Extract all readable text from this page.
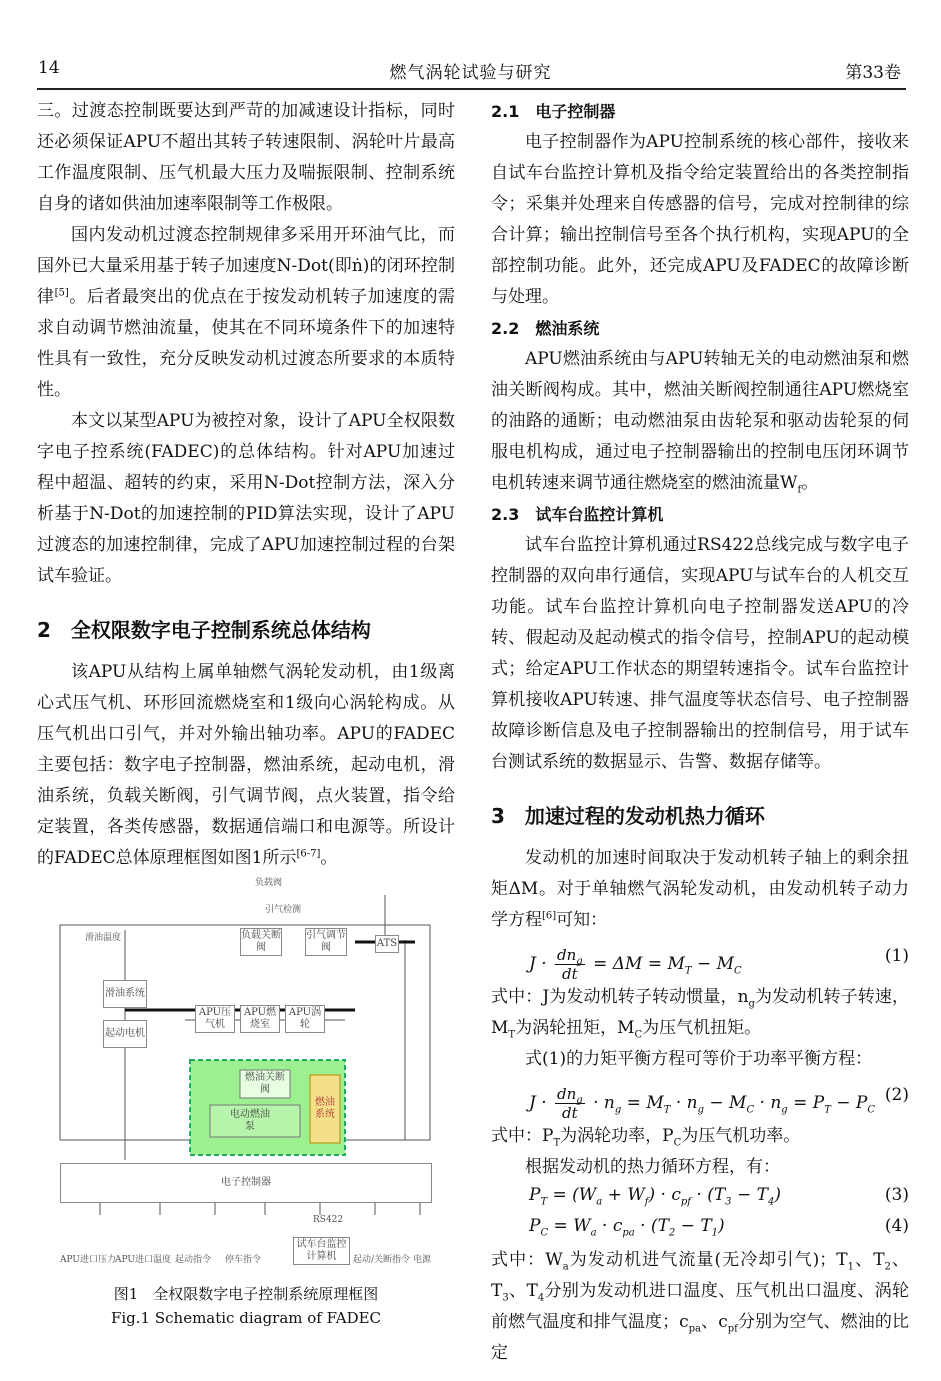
14	燃气涡轮试验与研究	第33卷

三。过渡态控制既要达到严苛的加减速设计指标，同时还必须保证APU不超出其转子转速限制、涡轮叶片最高工作温度限制、压气机最大压力及喘振限制、控制系统自身的诸如供油加速率限制等工作极限。

国内发动机过渡态控制规律多采用开环油气比，而国外已大量采用基于转子加速度N-Dot(即ṅ)的闭环控制律[5]。后者最突出的优点在于按发动机转子加速度的需求自动调节燃油流量，使其在不同环境条件下的加速特性具有一致性，充分反映发动机过渡态所要求的本质特性。

本文以某型APU为被控对象，设计了APU全权限数字电子控系统(FADEC)的总体结构。针对APU加速过程中超温、超转的约束，采用N-Dot控制方法，深入分析基于N-Dot的加速控制的PID算法实现，设计了APU过渡态的加速控制律，完成了APU加速控制过程的台架试车验证。

2　全权限数字电子控制系统总体结构

该APU从结构上属单轴燃气涡轮发动机，由1级离心式压气机、环形回流燃烧室和1级向心涡轮构成。从压气机出口引气，并对外输出轴功率。APU的FADEC主要包括：数字电子控制器，燃油系统，起动电机，滑油系统，负载关断阀，引气调节阀，点火装置，指令给定装置，各类传感器，数据通信端口和电源等。所设计的FADEC总体原理框图如图1所示[6-7]。

负载阀
引气检测
滑油温度
滑油系统
起动电机
APU压气机
APU燃烧室
APU涡轮
负载关断阀
引气调节阀	ATS
燃油关断阀
电动燃油泵
燃油系统
电子控制器
RS422
APU进口压力 APU进口温度 起动指令 停车指令
试车台监控计算机	起动/关断指令 电源
图1　全权限数字电子控制系统原理框图
Fig.1 Schematic diagram of FADEC
2.1　电子控制器

电子控制器作为APU控制系统的核心部件，接收来自试车台监控计算机及指令给定装置给出的各类控制指令；采集并处理来自传感器的信号，完成对控制律的综合计算；输出控制信号至各个执行机构，实现APU的全部控制功能。此外，还完成APU及FADEC的故障诊断与处理。

2.2　燃油系统

APU燃油系统由与APU转轴无关的电动燃油泵和燃油关断阀构成。其中，燃油关断阀控制通往APU燃烧室的油路的通断；电动燃油泵由齿轮泵和驱动齿轮泵的伺服电机构成，通过电子控制器输出的控制电压闭环调节电机转速来调节通往燃烧室的燃油流量$W_f$。

2.3　试车台监控计算机

试车台监控计算机通过RS422总线完成与数字电子控制器的双向串行通信，实现APU与试车台的人机交互功能。试车台监控计算机向电子控制器发送APU的冷转、假起动及起动模式的指令信号，控制APU的起动模式；给定APU工作状态的期望转速指令。试车台监控计算机接收APU转速、排气温度等状态信号、电子控制器故障诊断信息及电子控制器输出的控制信号，用于试车台测试系统的数据显示、告警、数据存储等。

3　加速过程的发动机热力循环

发动机的加速时间取决于发动机转子轴上的剩余扭矩ΔM。对于单轴燃气涡轮发动机，由发动机转子动力学方程[6]可知：

$J \cdot \frac{dn_g}{dt} = \Delta M = M_T - M_C$
(1)

式中：J为发动机转子转动惯量，$n_g$为发动机转子转速，$M_T$为涡轮扭矩，$M_C$为压气机扭矩。

式(1)的力矩平衡方程可等价于功率平衡方程：

$J \cdot \frac{dn_g}{dt} \cdot n_g = M_T \cdot n_g - M_C \cdot n_g = P_T - P_C$
(2)

式中：$P_T$为涡轮功率，$P_C$为压气机功率。

根据发动机的热力循环方程，有：

$P_T = (W_a + W_f) \cdot c_{pf} \cdot (T_3 - T_4)$	(3)
$P_C = W_a \cdot c_{pa} \cdot (T_2 - T_1)$	(4)

式中：$W_a$为发动机进气流量(无冷却引气)；$T_1$、$T_2$、$T_3$、$T_4$分别为发动机进口温度、压气机出口温度、涡轮前燃气温度和排气温度；$c_{pa}$、$c_{pf}$分别为空气、燃油的比定
